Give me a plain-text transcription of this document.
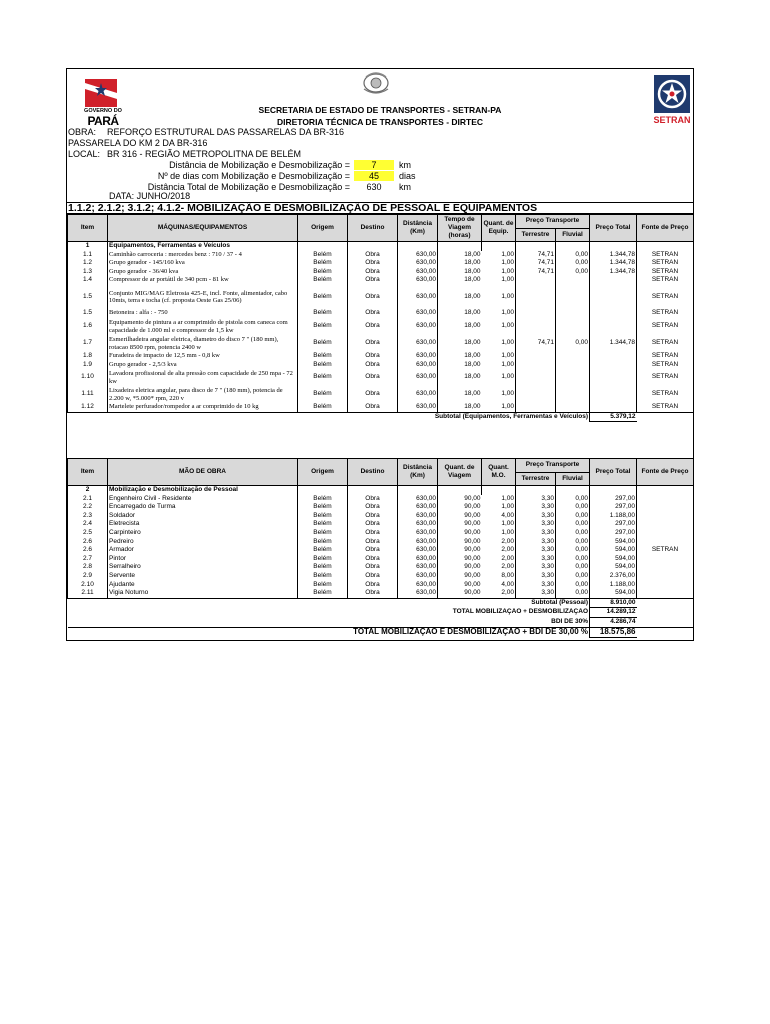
GOVERNO DO
PARÁ	SETRAN
SECRETARIA DE ESTADO DE TRANSPORTES - SETRAN-PA
DIRETORIA TÉCNICA DE TRANSPORTES - DIRTEC
OBRA: REFORÇO ESTRUTURAL DAS PASSARELAS DA BR-316
PASSARELA DO KM 2 DA BR-316
LOCAL: BR 316 - REGIÃO METROPOLITNA DE BELÉM
Distância de Mobilização e Desmobilização =	7	km
Nº de dias com Mobilização e Desmobilização =	45	dias
Distância Total de Mobilização e Desmobilização =	630	km
DATA: JUNHO/2018
1.1.2; 2.1.2; 3.1.2; 4.1.2- MOBILIZAÇÃO E DESMOBILIZAÇÃO DE PESSOAL E EQUIPAMENTOS
Item	MÁQUINAS/EQUIPAMENTOS	Origem	Destino	Distância (Km)	Tempo de Viagem (horas)	Quant. de Equip.	Preço Transporte		Preço Total	Fonte de Preço
							Terrestre	Fluvial		
1	Equipamentos, Ferramentas e Veículos									
1.1	Caminhão carroceria : mercedes benz : 710 / 37 - 4	Belém	Obra	630,00	18,00	1,00	74,71	0,00	1.344,78	SETRAN
1.2	Grupo gerador - 145/160 kva	Belém	Obra	630,00	18,00	1,00	74,71	0,00	1.344,78	SETRAN
1.3	Grupo gerador - 36/40 kva	Belém	Obra	630,00	18,00	1,00	74,71	0,00	1.344,78	SETRAN
1.4	Compressor de ar portátil de 340 pcm - 81 kw	Belém	Obra	630,00	18,00	1,00				SETRAN
1.5	Conjunto MIG/MAG Eletrosia 425-E, incl. Fonte, alimentador, cabo 10mts, terra e tocha (cf. proposta Oeste Gas 25/06)	Belém	Obra	630,00	18,00	1,00				SETRAN
1.5	Betoneira : alfa : - 750	Belém	Obra	630,00	18,00	1,00				SETRAN
1.6	Equipamento de pintura a ar comprimido de pistola com caneca com capacidade de 1.000 ml e compressor de 1,5 kw	Belém	Obra	630,00	18,00	1,00				SETRAN
1.7	Esmerilhadeira angular eletrica, diametro do disco 7 " (180 mm), rotacao 8500 rpm, potencia 2400 w	Belém	Obra	630,00	18,00	1,00	74,71	0,00	1.344,78	SETRAN
1.8	Furadeira de impacto de 12,5 mm - 0,8 kw	Belém	Obra	630,00	18,00	1,00				SETRAN
1.9	Grupo gerador - 2,5/3 kva	Belém	Obra	630,00	18,00	1,00				SETRAN
1.10	Lavadora profissional de alta pressão com capacidade de 250 mpa - 72 kw	Belém	Obra	630,00	18,00	1,00				SETRAN
1.11	Lixadeira eletrica angular, para disco de 7 " (180 mm), potencia de 2.200 w, *5.000* rpm, 220 v	Belém	Obra	630,00	18,00	1,00				SETRAN
1.12	Martelete perfurador/rompedor a ar comprimido de 10 kg	Belém	Obra	630,00	18,00	1,00				SETRAN
Subtotal (Equipamentos, Ferramentas e Veículos)									5.379,12	
Item	MÃO DE OBRA	Origem	Destino	Distância (Km)	Quant. de Viagem	Quant. M.O.	Preço Transporte		Preço Total	Fonte de Preço
							Terrestre	Fluvial		
2	Mobilização e Desmobilização de Pessoal									
2.1	Engenheiro Civil - Residente	Belém	Obra	630,00	90,00	1,00	3,30	0,00	297,00	
2.2	Encarregado de Turma	Belém	Obra	630,00	90,00	1,00	3,30	0,00	297,00	
2.3	Soldador	Belém	Obra	630,00	90,00	4,00	3,30	0,00	1.188,00	
2.4	Eletrecista	Belém	Obra	630,00	90,00	1,00	3,30	0,00	297,00	
2.5	Carpinteiro	Belém	Obra	630,00	90,00	1,00	3,30	0,00	297,00	
2.6	Pedreiro	Belém	Obra	630,00	90,00	2,00	3,30	0,00	594,00	
2.6	Armador	Belém	Obra	630,00	90,00	2,00	3,30	0,00	594,00	SETRAN
2.7	Pintor	Belém	Obra	630,00	90,00	2,00	3,30	0,00	594,00	
2.8	Serralheiro	Belém	Obra	630,00	90,00	2,00	3,30	0,00	594,00	
2.9	Servente	Belém	Obra	630,00	90,00	8,00	3,30	0,00	2.376,00	
2.10	Ajudante	Belém	Obra	630,00	90,00	4,00	3,30	0,00	1.188,00	
2.11	Vigia Noturno	Belém	Obra	630,00	90,00	2,00	3,30	0,00	594,00	
Subtotal (Pessoal)									8.910,00	
TOTAL MOBILIZAÇÃO + DESMOBILIZAÇÃO									14.289,12	
BDI DE 30%									4.286,74	
TOTAL MOBILIZAÇÃO E DESMOBILIZAÇÃO + BDI DE 30,00 %									18.575,86	
